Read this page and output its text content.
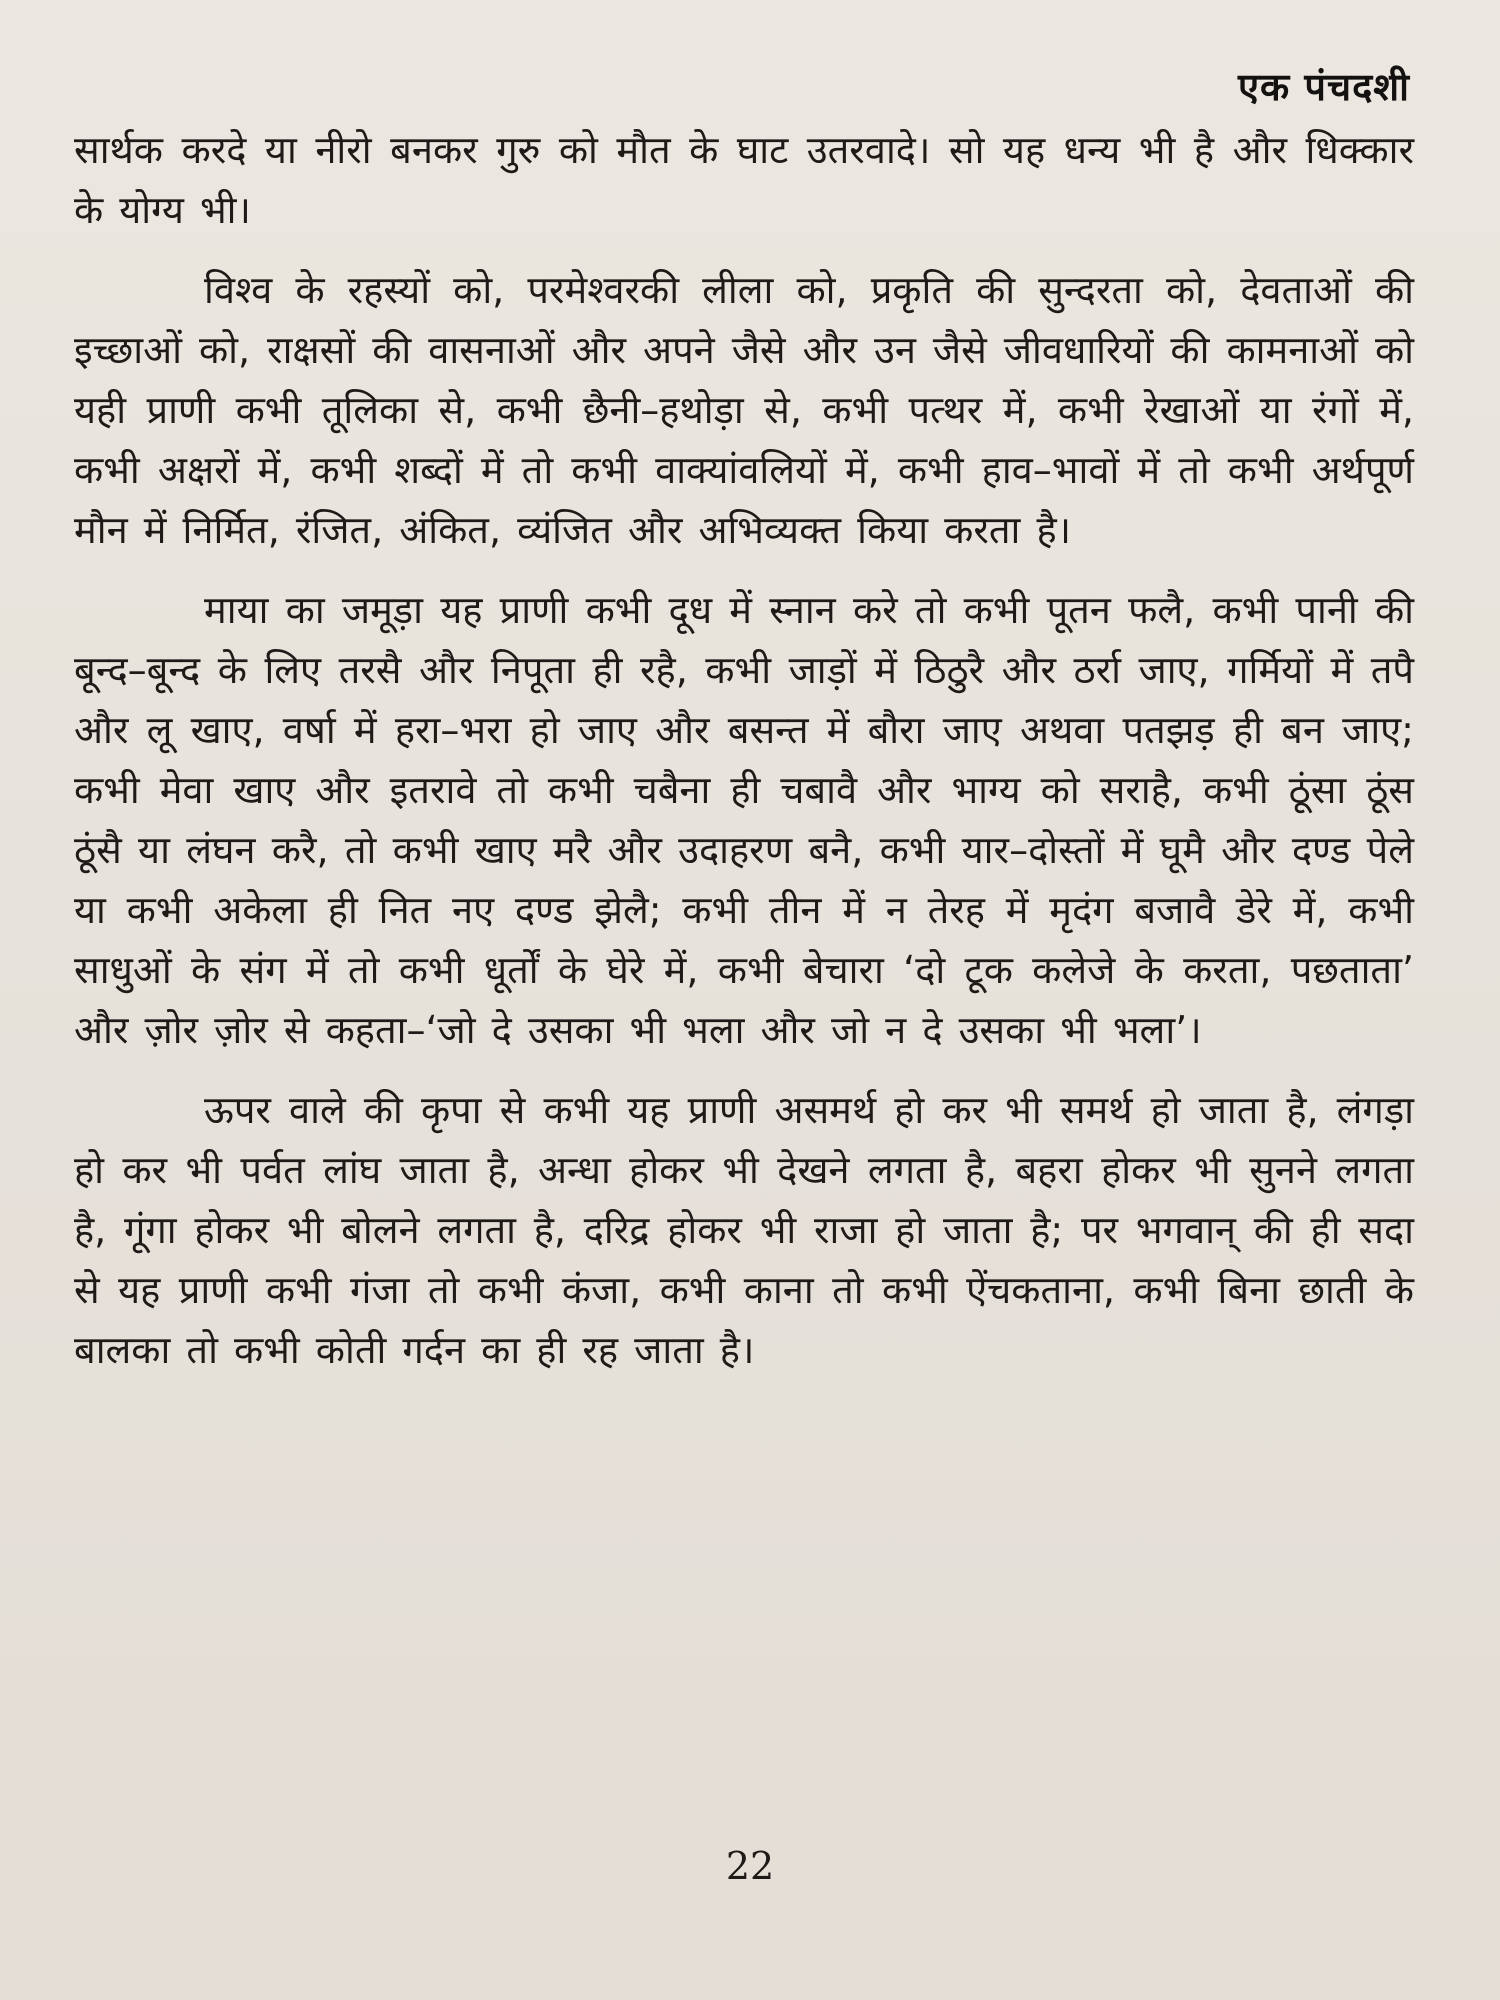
एक पंचदशी

सार्थक करदे या नीरो बनकर गुरु को मौत के घाट उतरवादे। सो यह धन्य भी है और धिक्कार के योग्य भी।

विश्व के रहस्यों को, परमेश्वरकी लीला को, प्रकृति की सुन्दरता को, देवताओं की इच्छाओं को, राक्षसों की वासनाओं और अपने जैसे और उन जैसे जीवधारियों की कामनाओं को यही प्राणी कभी तूलिका से, कभी छैनी–हथोड़ा से, कभी पत्थर में, कभी रेखाओं या रंगों में, कभी अक्षरों में, कभी शब्दों में तो कभी वाक्यांवलियों में, कभी हाव–भावों में तो कभी अर्थपूर्ण मौन में निर्मित, रंजित, अंकित, व्यंजित और अभिव्यक्त किया करता है।

माया का जमूड़ा यह प्राणी कभी दूध में स्नान करे तो कभी पूतन फलै, कभी पानी की बून्द–बून्द के लिए तरसै और निपूता ही रहै, कभी जाड़ों में ठिठुरै और ठर्रा जाए, गर्मियों में तपै और लू खाए, वर्षा में हरा–भरा हो जाए और बसन्त में बौरा जाए अथवा पतझड़ ही बन जाए; कभी मेवा खाए और इतरावे तो कभी चबैना ही चबावै और भाग्य को सराहै, कभी ठूंसा ठूंस ठूंसै या लंघन करै, तो कभी खाए मरै और उदाहरण बनै, कभी यार–दोस्तों में घूमै और दण्ड पेले या कभी अकेला ही नित नए दण्ड झेलै; कभी तीन में न तेरह में मृदंग बजावै डेरे में, कभी साधुओं के संग में तो कभी धूर्तों के घेरे में, कभी बेचारा ‘दो टूक कलेजे के करता, पछताता’ और ज़ोर ज़ोर से कहता–‘जो दे उसका भी भला और जो न दे उसका भी भला’।

ऊपर वाले की कृपा से कभी यह प्राणी असमर्थ हो कर भी समर्थ हो जाता है, लंगड़ा हो कर भी पर्वत लांघ जाता है, अन्धा होकर भी देखने लगता है, बहरा होकर भी सुनने लगता है, गूंगा होकर भी बोलने लगता है, दरिद्र होकर भी राजा हो जाता है; पर भगवान् की ही सदा से यह प्राणी कभी गंजा तो कभी कंजा, कभी काना तो कभी ऐंचकताना, कभी बिना छाती के बालका तो कभी कोती गर्दन का ही रह जाता है।

22
